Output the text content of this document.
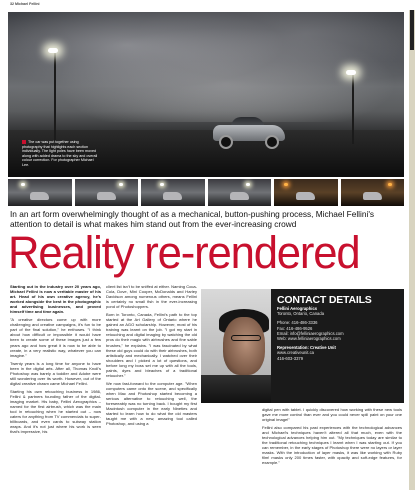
32 Michael Fellini
The car was put together using photography that highlights each section individually. The light poles have been moved along with added drama to the sky and overall colour correction. For photographer Michael Lee.
In an art form overwhelmingly thought of as a mechanical, button-pushing process, Michael Fellini's attention to detail is what makes him stand out from the ever-increasing crowd
Reality re-rendered

Starting out in the industry over 20 years ago, Michael Fellini is now a veritable master of his art. Head of his own creative agency, he's worked alongside the best in the photographic and advertising businesses, and proved himself time and time again.

"A creative directors come up with more challenging and creative campaigns, it's fun to be part of the final solution," he enthuses. "I think about how difficult or impossible it would have been to create some of these images just a few years ago and how great it is now to be able to create, in a very realistic way, whatever you can imagine."

Twenty years is a long time for anyone to have been in the digital arts. After all, Thomas Knoll's Photoshop was barely a toddler and Adobe were still wondering over its worth. However, out of the digital creative chasm came Michael Fellini.

Starting his own retouching business in 1986, Fellini & partners founding father of the digital-imaging market. His baby, Fellini Aerographics – named for the first airbrush, which was the main tool in retouching when he started out – now caters for anything from TV commercials to super-billboards, and even cards to subway station wraps. And it's not just where his work is seen that's impressive, his

client list isn't to be sniffed at either. Naming Coca-Cola, Dove, Mini Cooper, McDonalds and Harley Davidson among numerous others, means Fellini is certainly no small fish in the ever-increasing pond of Photoshoppers.

Born in Toronto, Canada, Fellini's path to the top started at the Art Gallery of Ontario where he gained an AGO scholarship. However, most of his training was learnt on the job. "I got my start in retouching and digital imaging by watching the old pros do their magic with airbrushes and fine sable brushes," he explains. "I was fascinated by what these old guys could do with their airbrushes, both artistically and mechanically. I watched over their shoulders and I picked a lot of questions, and before long my boss set me up with all the tools, paints, dyes and bleaches of a traditional retoucher."

We now fast-forward to the computer age. "When computers came onto the scene, and specifically when Mac and Photoshop started becoming a serious alternative to retouching well, the foreseeably was no turning back. I bought my first Macintosh computer in the early Nineties and started to learn how to do what the old masters taught me with a new, amazing tool called Photoshop, and using a

CONTACT DETAILS
Fellini Aerographics
Toronto, Ontario, Canada
Phone: 416-486-3336
Fax: 416-486-9526
Email: info@felliniaerographics.com
Web: www.felliniaerographics.com
Representation: Creative Unit
www.creativeunit.ca
416-603-3379

digital pen with tablet. I quickly discovered how working with these new tools gave me more control than ever and you could never spill paint on your one original image!"

Fellini also compared his past experiences with the technological advances and Michael's techniques haven't altered all that much, even with the technological advances helping him out. "My techniques today are similar to the traditional retouching techniques I learnt when I was starting out. If you can remember, in the early stages of Photoshop there were no layers or layer masks. With the introduction of layer masks, it was like working with Ruby film! masks only 200 times faster, with opacity and soft-edge features, for example."
